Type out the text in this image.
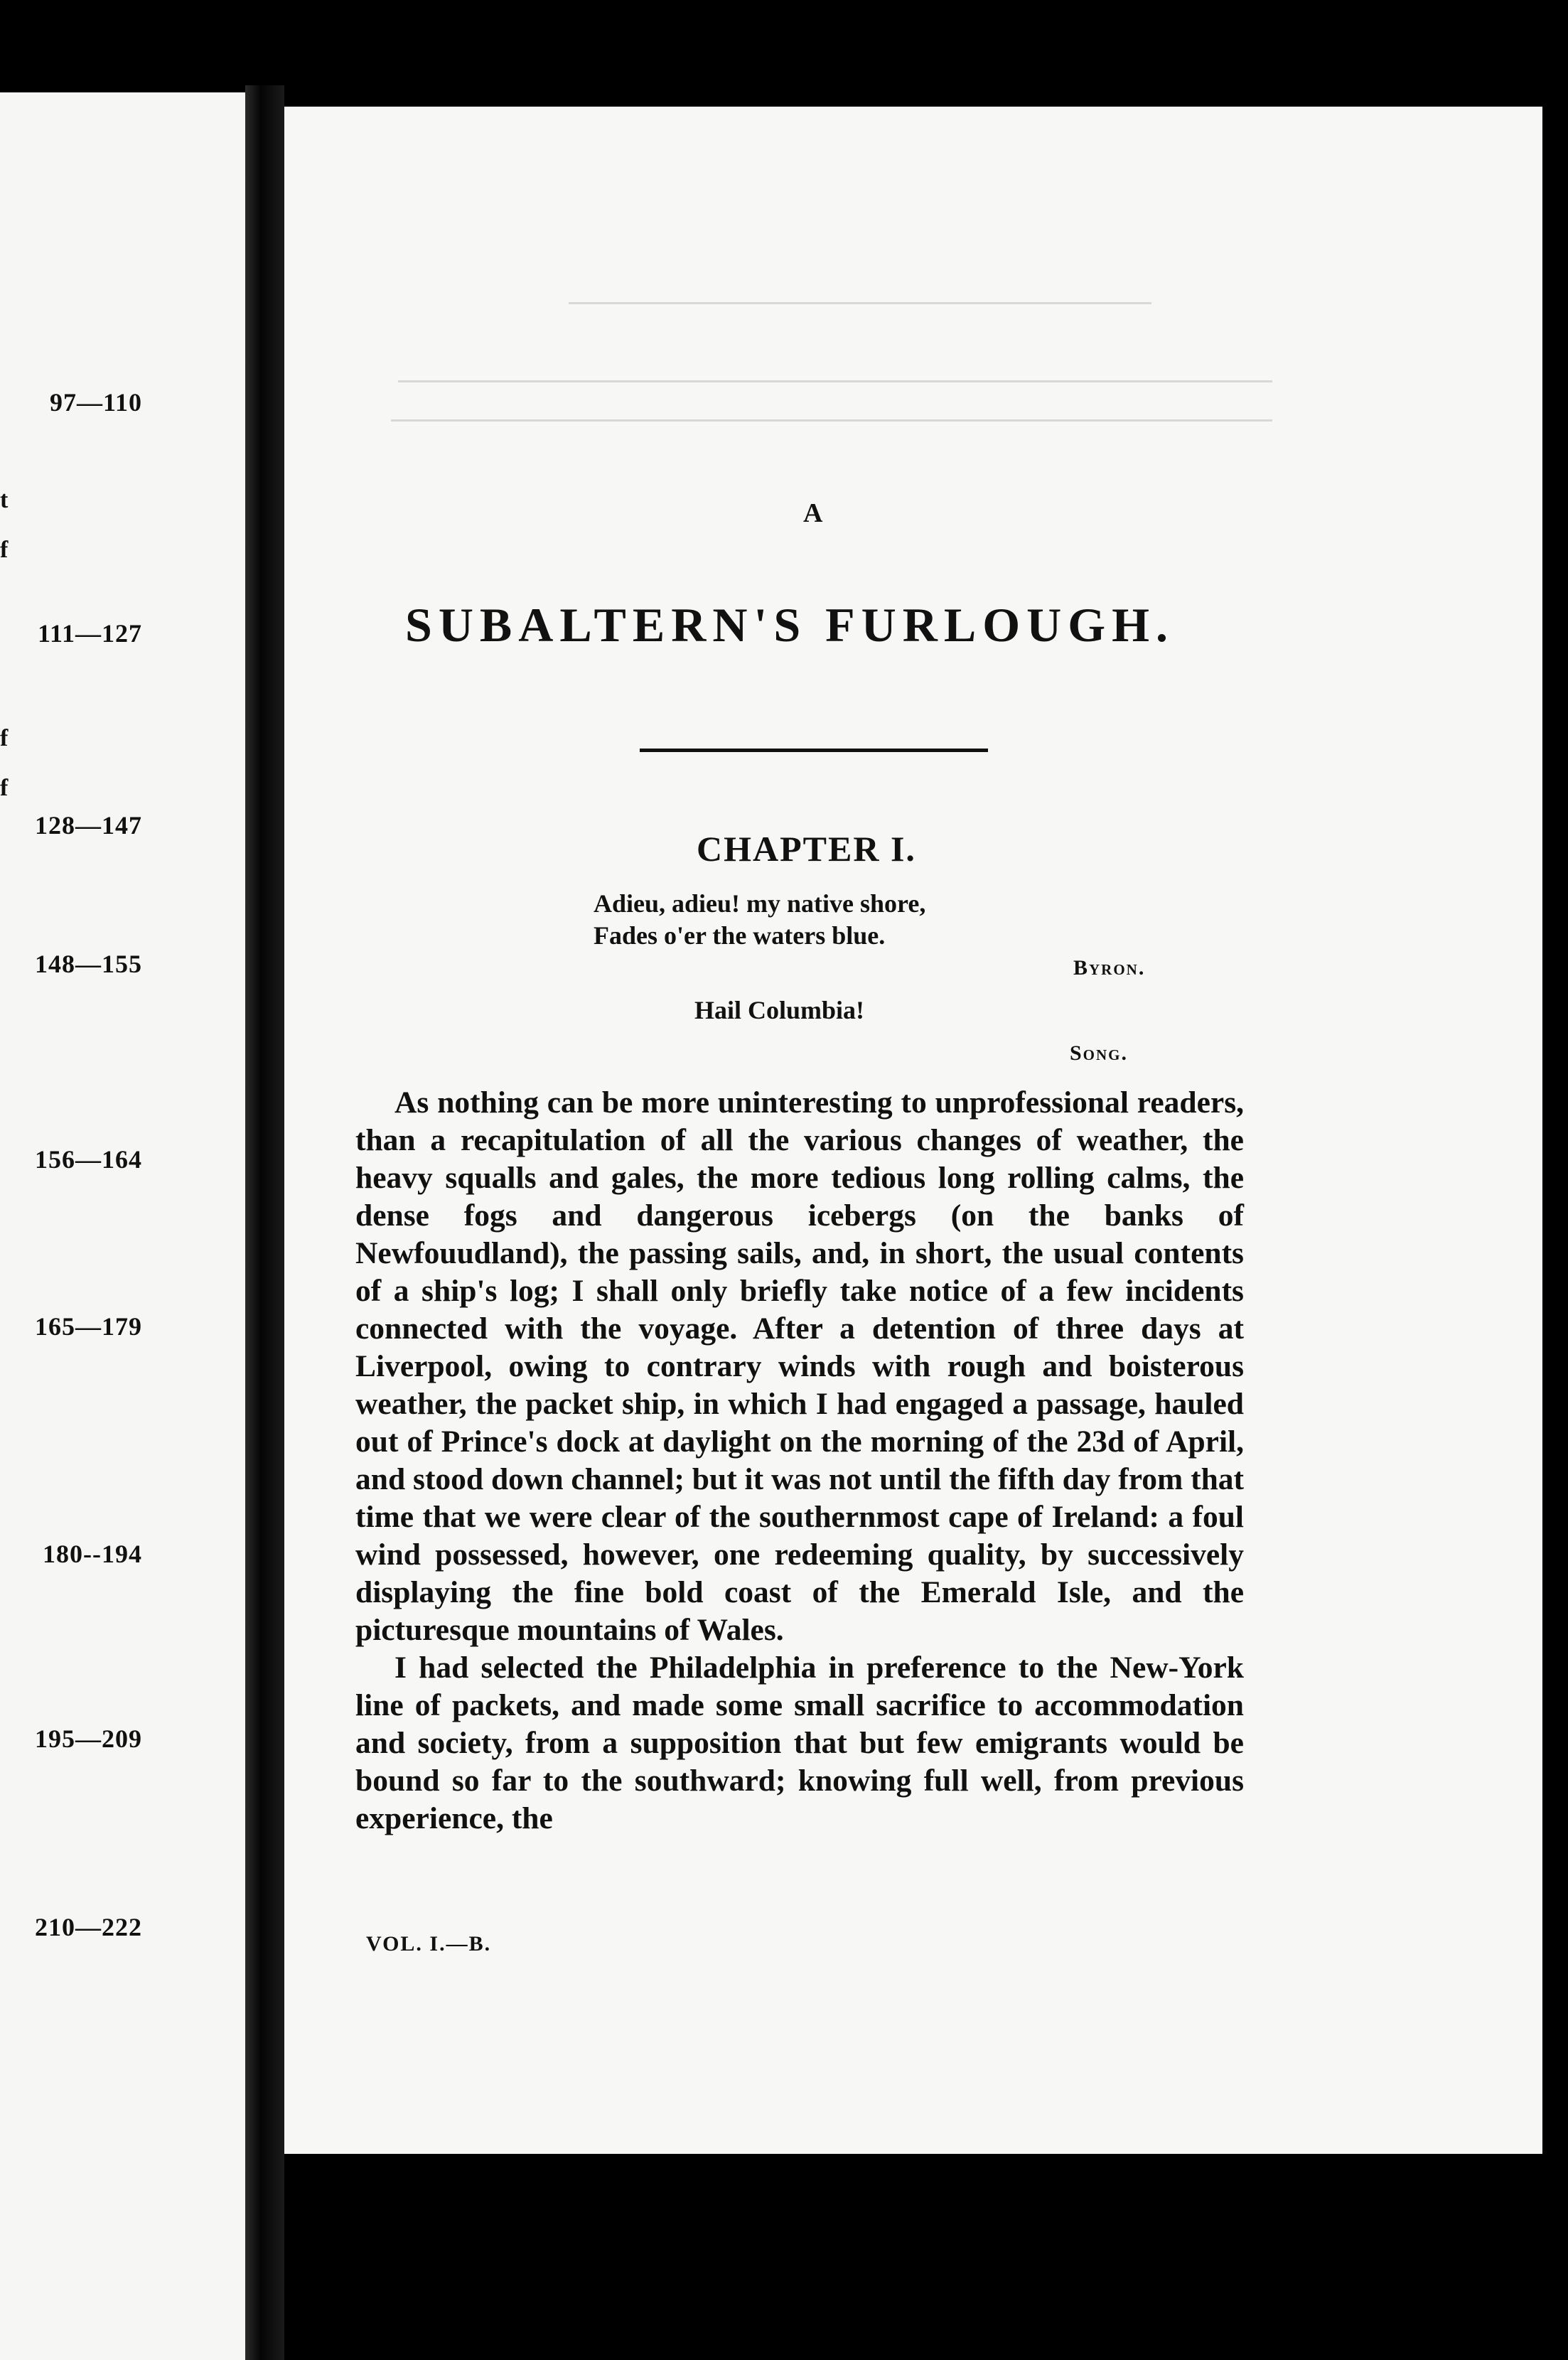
97—110
t
f
111—127
f
f
128—147
148—155
156—164
165—179
180--194
195—209
210—222
A
SUBALTERN'S FURLOUGH.
CHAPTER I.
Adieu, adieu! my native shore,
Fades o'er the waters blue.
Byron.
Hail Columbia!
Song.

As nothing can be more uninteresting to unprofessional readers, than a recapitulation of all the various changes of weather, the heavy squalls and gales, the more tedious long rolling calms, the dense fogs and dangerous icebergs (on the banks of Newfouudland), the passing sails, and, in short, the usual contents of a ship's log; I shall only briefly take notice of a few incidents connected with the voyage. After a detention of three days at Liverpool, owing to contrary winds with rough and boisterous weather, the packet ship, in which I had engaged a passage, hauled out of Prince's dock at daylight on the morning of the 23d of April, and stood down channel; but it was not until the fifth day from that time that we were clear of the southernmost cape of Ireland: a foul wind possessed, however, one redeeming quality, by successively displaying the fine bold coast of the Emerald Isle, and the picturesque mountains of Wales.

I had selected the Philadelphia in preference to the New-York line of packets, and made some small sacrifice to accommodation and society, from a supposition that but few emigrants would be bound so far to the southward; knowing full well, from previous experience, the

VOL. I.—B.
